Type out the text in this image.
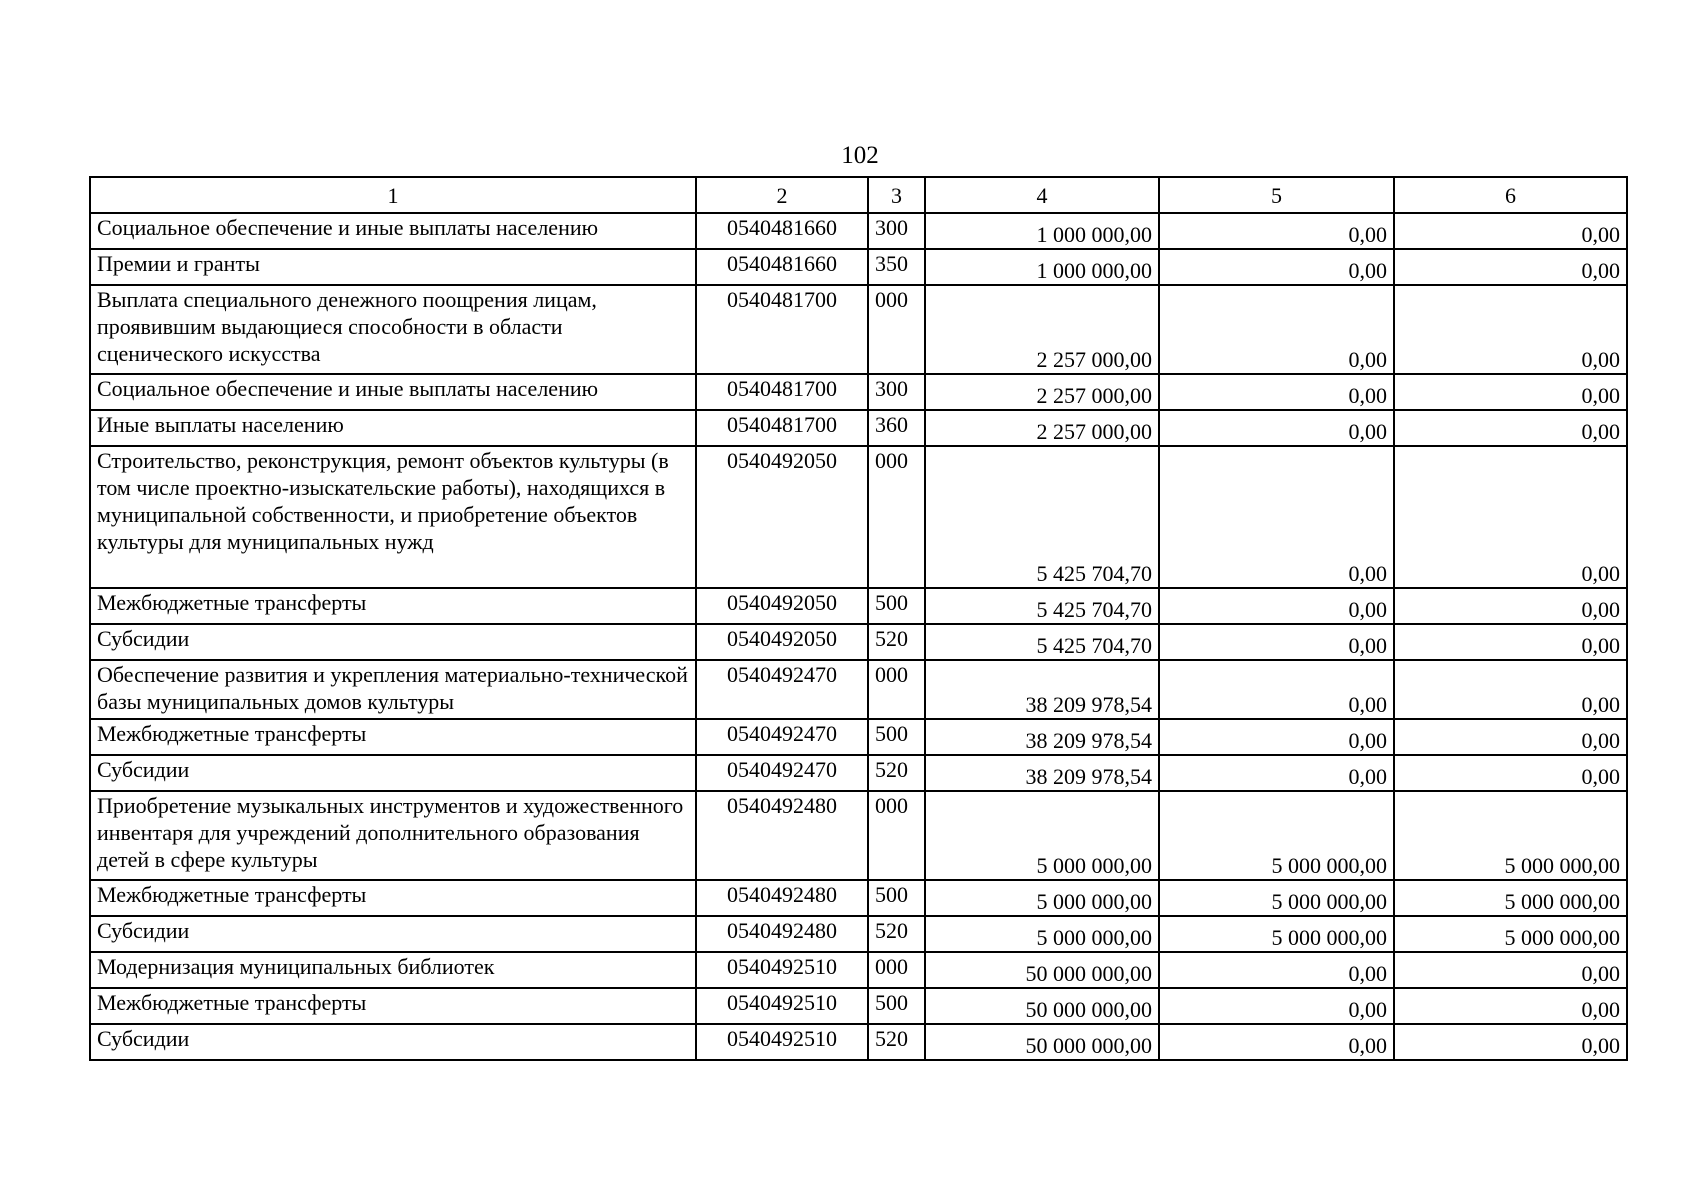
102
1	2	3	4	5	6
Социальное обеспечение и иные выплаты населению	0540481660	300	1 000 000,00	0,00	0,00
Премии и гранты	0540481660	350	1 000 000,00	0,00	0,00
Выплата специального денежного поощрения лицам, проявившим выдающиеся способности в области сценического искусства	0540481700	000	2 257 000,00	0,00	0,00
Социальное обеспечение и иные выплаты населению	0540481700	300	2 257 000,00	0,00	0,00
Иные выплаты населению	0540481700	360	2 257 000,00	0,00	0,00
Строительство, реконструкция, ремонт объектов культуры (в том числе проектно-изыскательские работы), находящихся в муниципальной собственности, и приобретение объектов культуры для муниципальных нужд	0540492050	000	5 425 704,70	0,00	0,00
Межбюджетные трансферты	0540492050	500	5 425 704,70	0,00	0,00
Субсидии	0540492050	520	5 425 704,70	0,00	0,00
Обеспечение развития и укрепления материально-технической базы муниципальных домов культуры	0540492470	000	38 209 978,54	0,00	0,00
Межбюджетные трансферты	0540492470	500	38 209 978,54	0,00	0,00
Субсидии	0540492470	520	38 209 978,54	0,00	0,00
Приобретение музыкальных инструментов и художественного инвентаря для учреждений дополнительного образования детей в сфере культуры	0540492480	000	5 000 000,00	5 000 000,00	5 000 000,00
Межбюджетные трансферты	0540492480	500	5 000 000,00	5 000 000,00	5 000 000,00
Субсидии	0540492480	520	5 000 000,00	5 000 000,00	5 000 000,00
Модернизация муниципальных библиотек	0540492510	000	50 000 000,00	0,00	0,00
Межбюджетные трансферты	0540492510	500	50 000 000,00	0,00	0,00
Субсидии	0540492510	520	50 000 000,00	0,00	0,00
